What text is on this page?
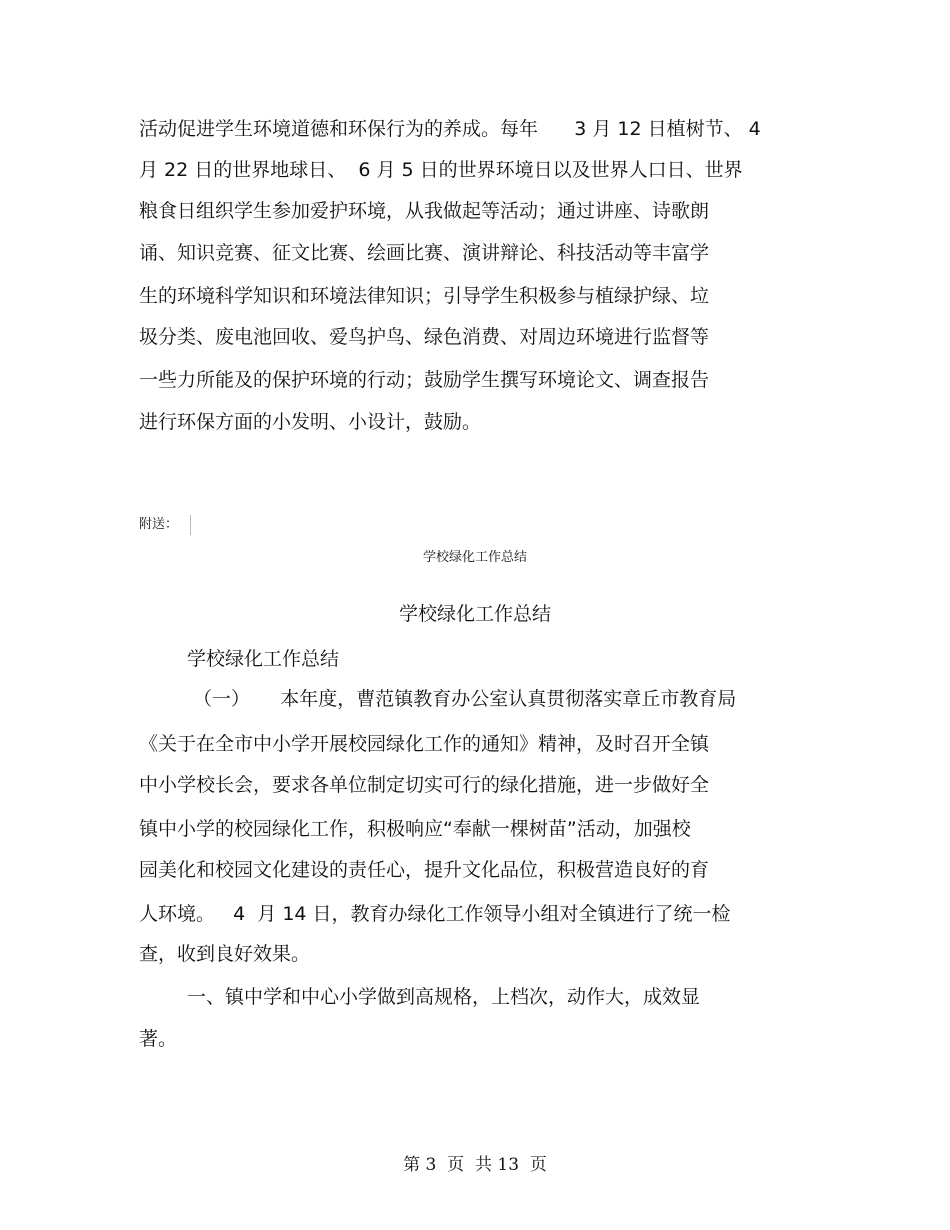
活动促进学生环境道德和环保行为的养成。每年      3 月 12 日植树节、 4
月 22 日的世界地球日、  6 月 5 日的世界环境日以及世界人口日、世界
粮食日组织学生参加爱护环境，从我做起等活动；通过讲座、诗歌朗
诵、知识竞赛、征文比赛、绘画比赛、演讲辩论、科技活动等丰富学
生的环境科学知识和环境法律知识；引导学生积极参与植绿护绿、垃
圾分类、废电池回收、爱鸟护鸟、绿色消费、对周边环境进行监督等
一些力所能及的保护环境的行动；鼓励学生撰写环境论文、调查报告
进行环保方面的小发明、小设计，鼓励。
附送：
学校绿化工作总结
学校绿化工作总结
学校绿化工作总结
（一）     本年度，曹范镇教育办公室认真贯彻落实章丘市教育局
《关于在全市中小学开展校园绿化工作的通知》精神，及时召开全镇
中小学校长会，要求各单位制定切实可行的绿化措施，进一步做好全
镇中小学的校园绿化工作，积极响应“奉献一棵树苗”活动，加强校
园美化和校园文化建设的责任心，提升文化品位，积极营造良好的育
人环境。   4  月 14 日，教育办绿化工作领导小组对全镇进行了统一检
查，收到良好效果。
一、镇中学和中心小学做到高规格，上档次，动作大，成效显
著。
第 3  页  共 13  页
